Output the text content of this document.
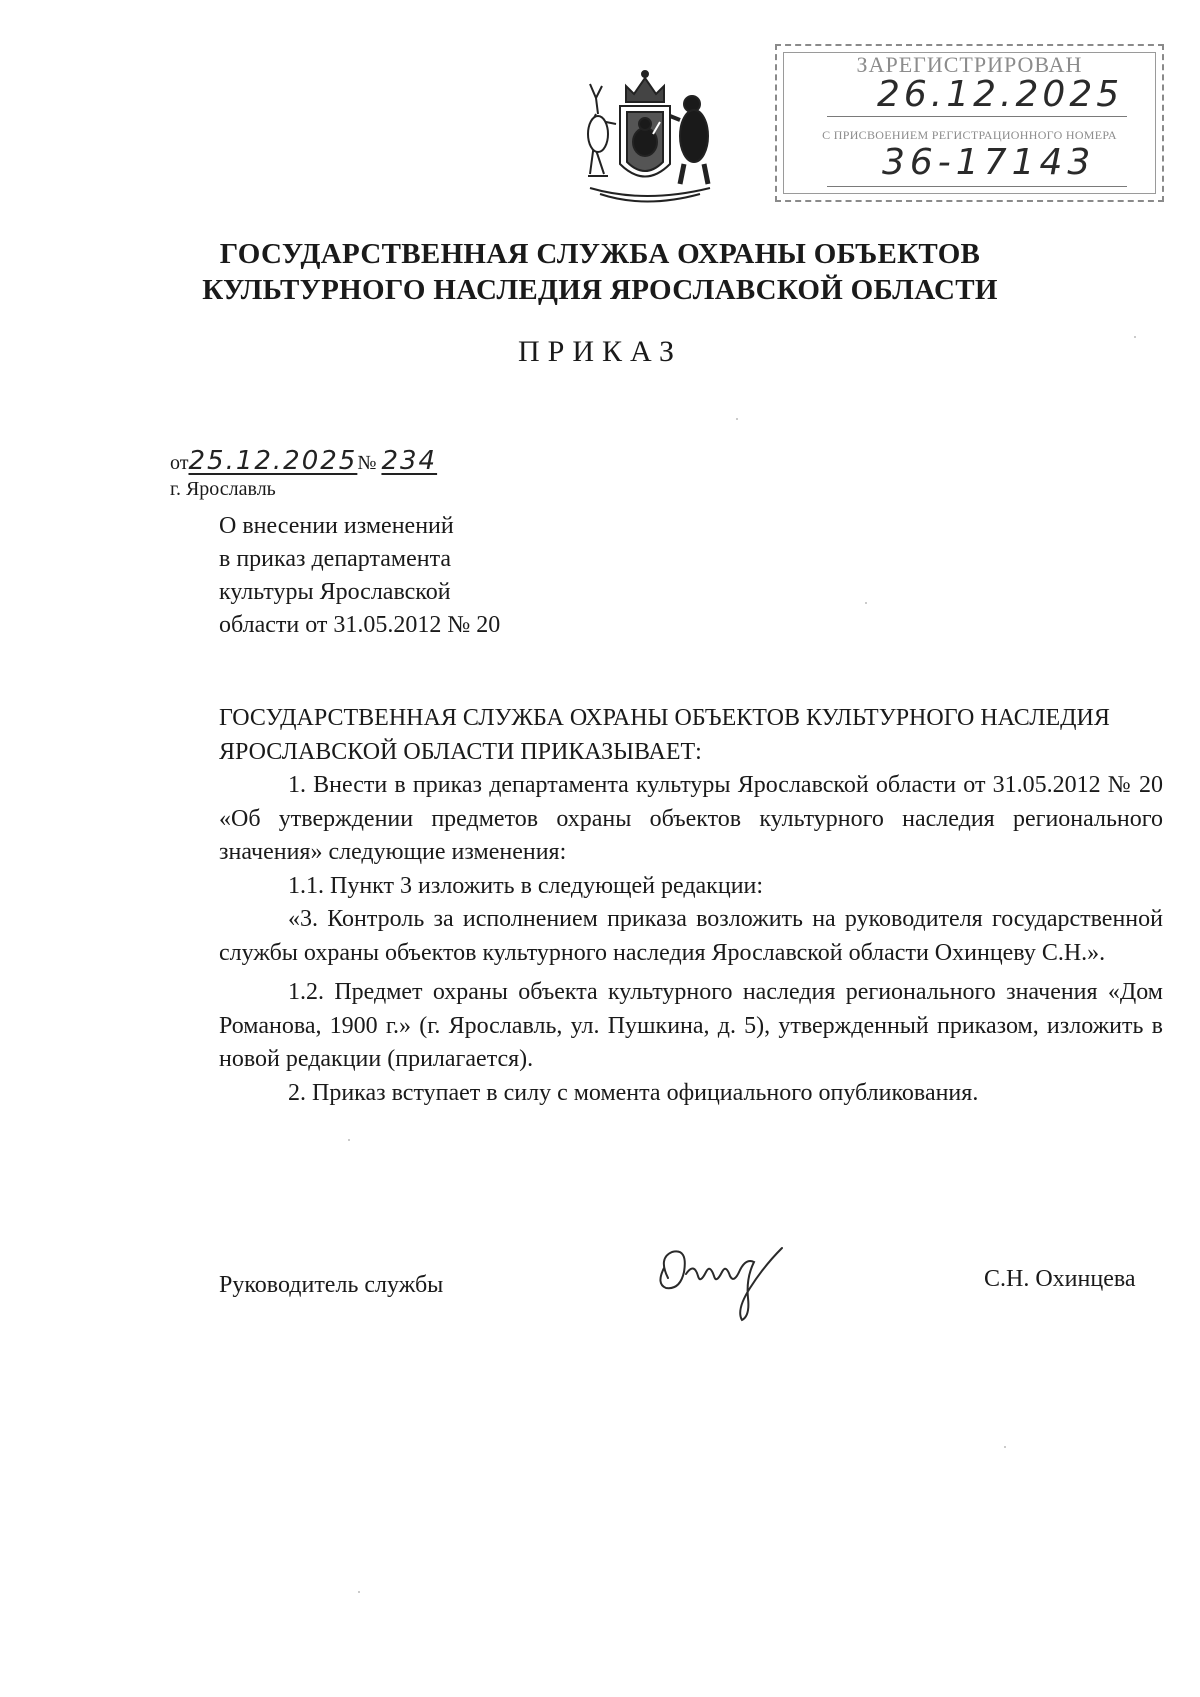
ЗАРЕГИСТРИРОВАН
26.12.2025
С ПРИСВОЕНИЕМ РЕГИСТРАЦИОННОГО НОМЕРА
36-17143
ГОСУДАРСТВЕННАЯ СЛУЖБА ОХРАНЫ ОБЪЕКТОВ
КУЛЬТУРНОГО НАСЛЕДИЯ ЯРОСЛАВСКОЙ ОБЛАСТИ
ПРИКАЗ
от25.12.2025№ 234
г. Ярославль
О внесении изменений
в приказ департамента
культуры Ярославской
области от 31.05.2012 № 20
ГОСУДАРСТВЕННАЯ СЛУЖБА ОХРАНЫ ОБЪЕКТОВ КУЛЬТУРНОГО НАСЛЕДИЯ ЯРОСЛАВСКОЙ ОБЛАСТИ ПРИКАЗЫВАЕТ:

1. Внести в приказ департамента культуры Ярославской области от 31.05.2012 № 20 «Об утверждении предметов охраны объектов культурного наследия регионального значения» следующие изменения:

1.1. Пункт 3 изложить в следующей редакции:

«3. Контроль за исполнением приказа возложить на руководителя государственной службы охраны объектов культурного наследия Ярославской области Охинцеву С.Н.».

1.2. Предмет охраны объекта культурного наследия регионального значения «Дом Романова, 1900 г.» (г. Ярославль, ул. Пушкина, д. 5), утвержденный приказом, изложить в новой редакции (прилагается).

2. Приказ вступает в силу с момента официального опубликования.

Руководитель службы	С.Н. Охинцева
